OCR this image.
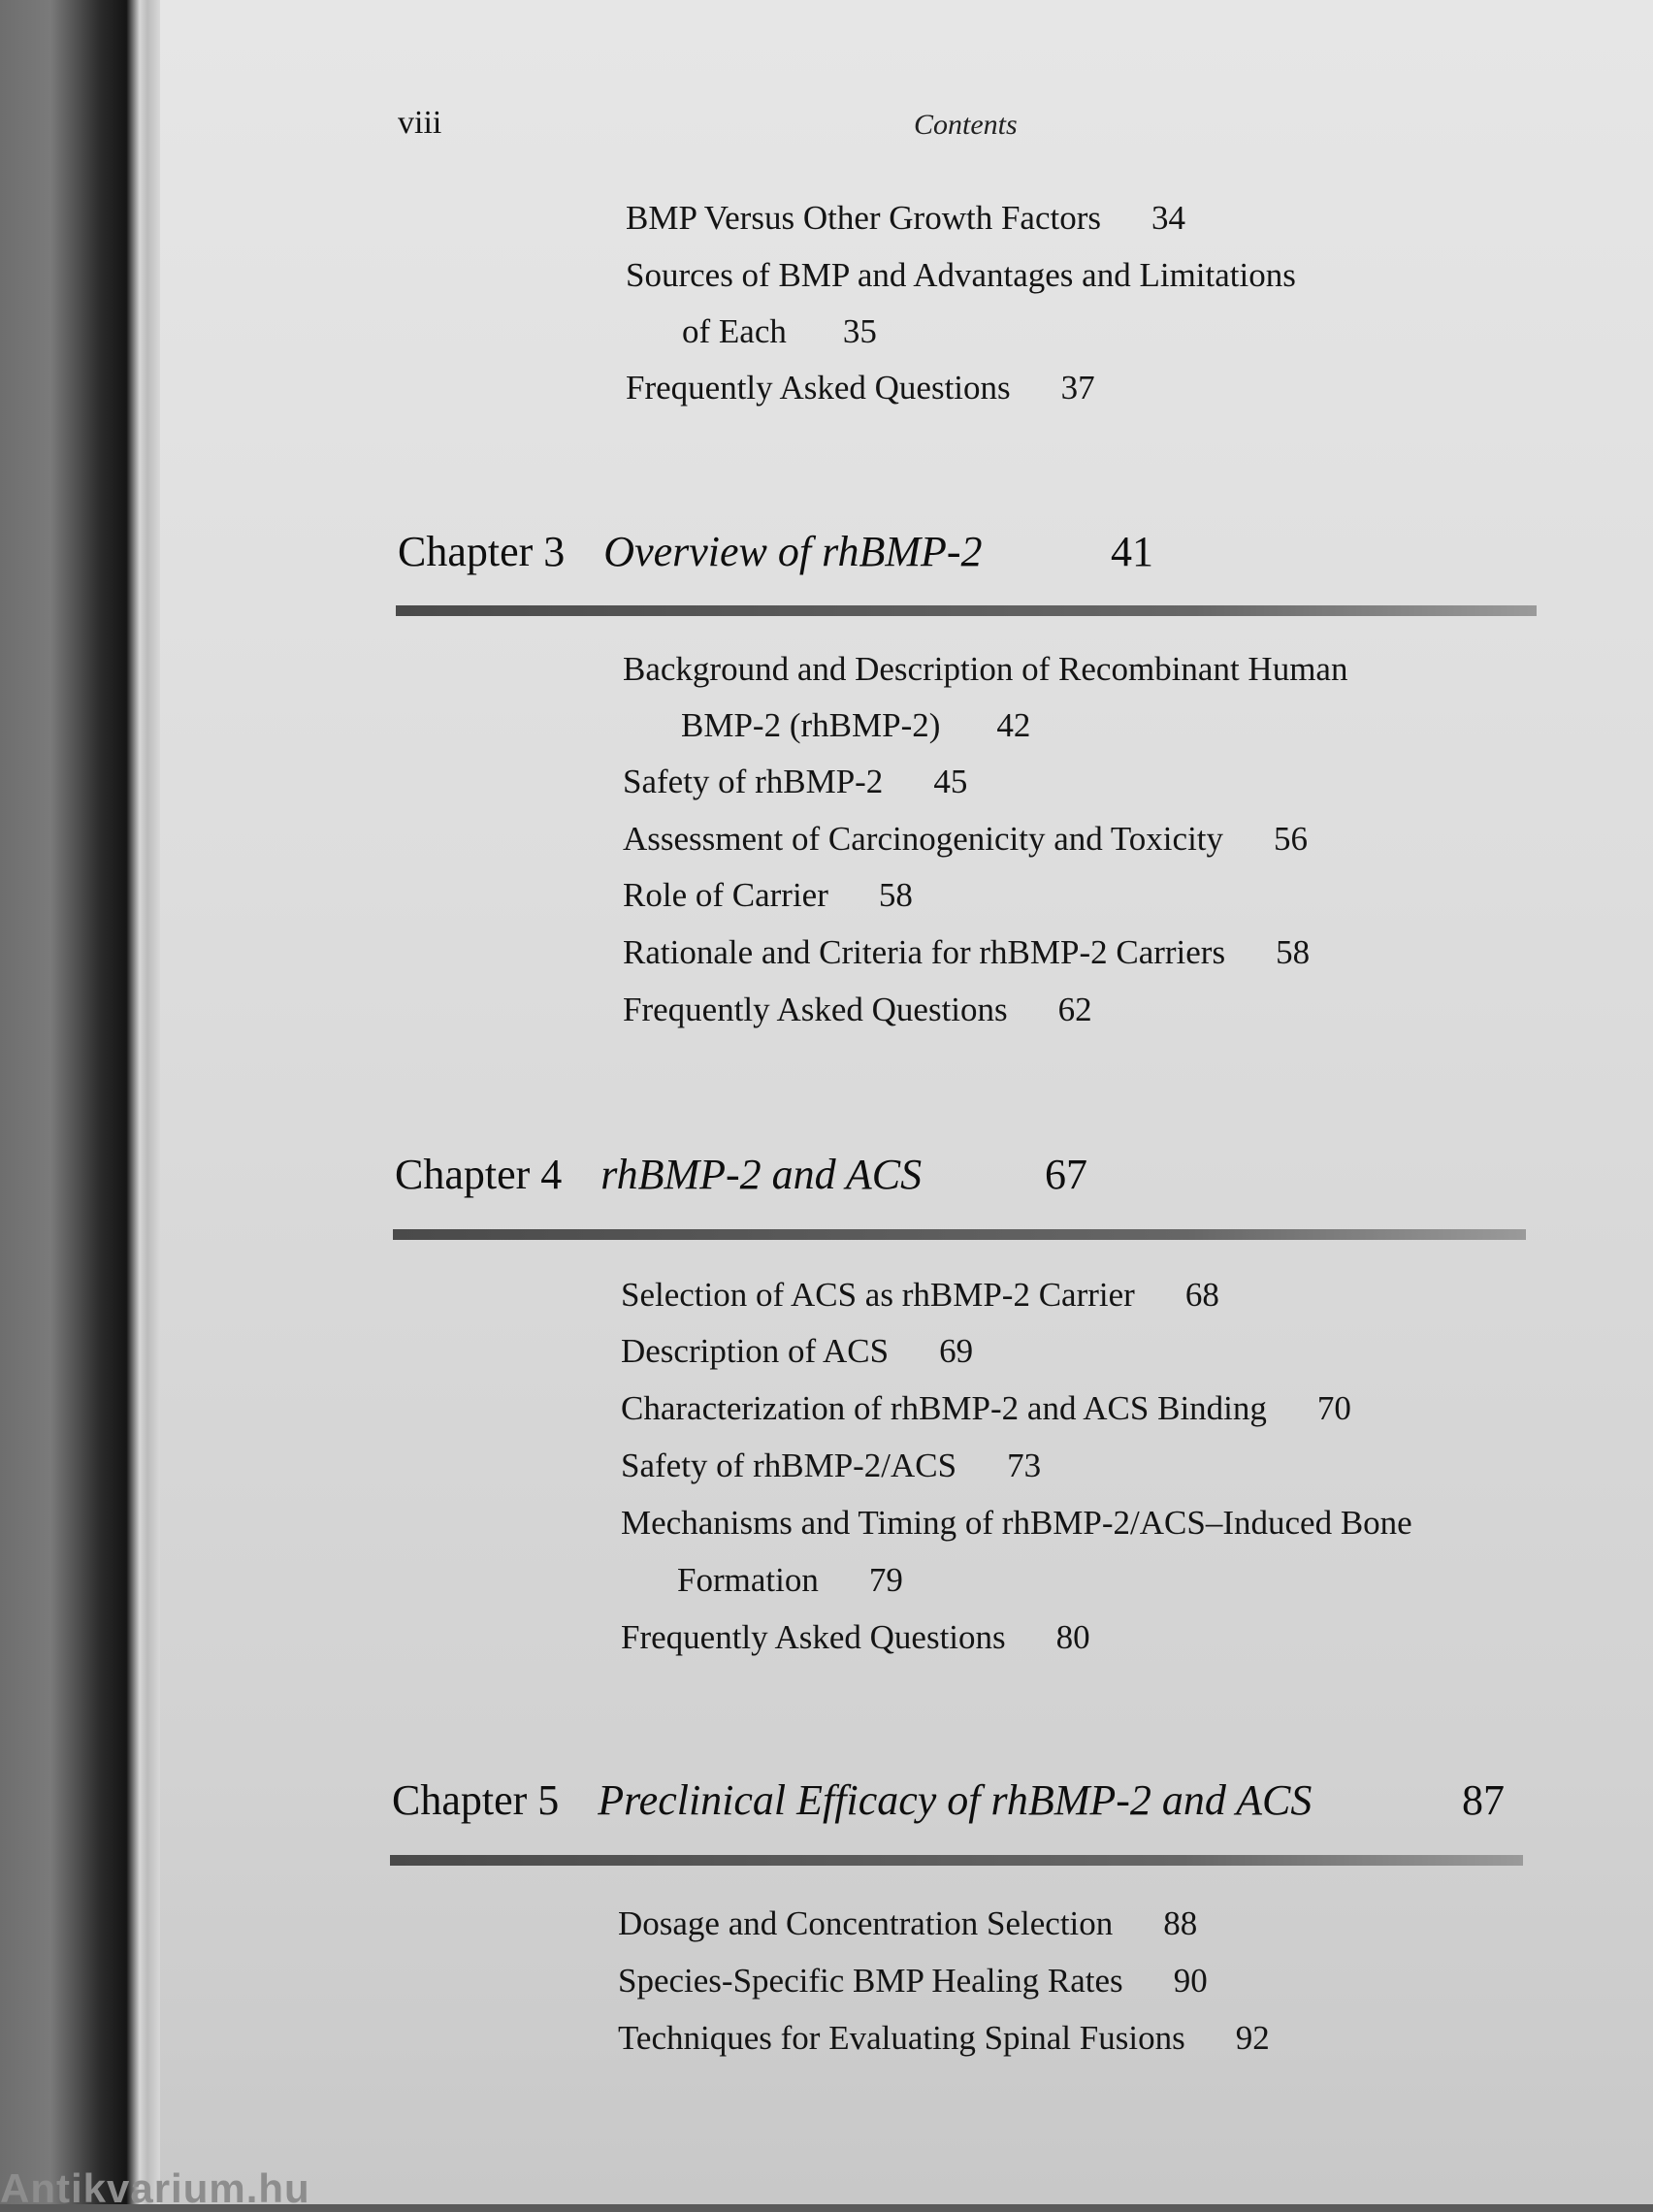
viii	Contents
BMP Versus Other Growth Factors 34
Sources of BMP and Advantages and Limitations
of Each 35
Frequently Asked Questions 37
Chapter 3 Overview of rhBMP-2	41
Background and Description of Recombinant Human
BMP-2 (rhBMP-2) 42
Safety of rhBMP-2 45
Assessment of Carcinogenicity and Toxicity 56
Role of Carrier 58
Rationale and Criteria for rhBMP-2 Carriers 58
Frequently Asked Questions 62
Chapter 4 rhBMP-2 and ACS	67
Selection of ACS as rhBMP-2 Carrier 68
Description of ACS 69
Characterization of rhBMP-2 and ACS Binding 70
Safety of rhBMP-2/ACS 73
Mechanisms and Timing of rhBMP-2/ACS–Induced Bone
Formation 79
Frequently Asked Questions 80
Chapter 5 Preclinical Efficacy of rhBMP-2 and ACS	87
Dosage and Concentration Selection 88
Species-Specific BMP Healing Rates 90
Techniques for Evaluating Spinal Fusions 92
Antikvarium.hu
